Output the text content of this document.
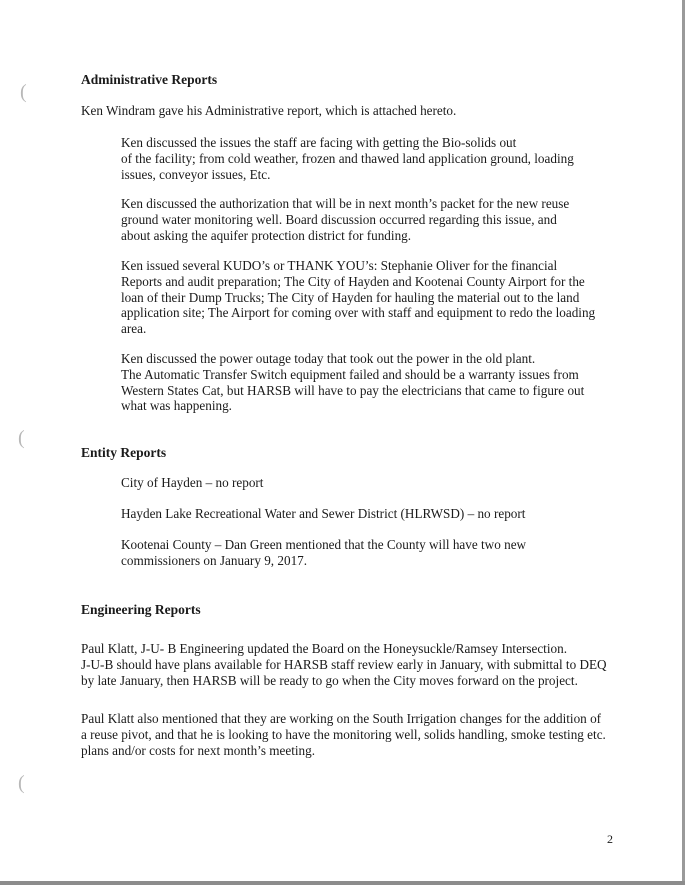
(
(
(
Administrative Reports
Ken Windram gave his Administrative report, which is attached hereto.
Ken discussed the issues the staff are facing with getting the Bio-solids out
of the facility; from cold weather, frozen and thawed land application ground, loading
issues, conveyor issues, Etc.
Ken discussed the authorization that will be in next month’s packet for the new reuse
ground water monitoring well. Board discussion occurred regarding this issue, and
about asking the aquifer protection district for funding.
Ken issued several KUDO’s or THANK YOU’s: Stephanie Oliver for the financial
Reports and audit preparation; The City of Hayden and Kootenai County Airport for the
loan of their Dump Trucks; The City of Hayden for hauling the material out to the land
application site; The Airport for coming over with staff and equipment to redo the loading
area.
Ken discussed the power outage today that took out the power in the old plant.
The Automatic Transfer Switch equipment failed and should be a warranty issues from
Western States Cat, but HARSB will have to pay the electricians that came to figure out
what was happening.
Entity Reports
City of Hayden – no report
Hayden Lake Recreational Water and Sewer District (HLRWSD) – no report
Kootenai County – Dan Green mentioned that the County will have two new
commissioners on January 9, 2017.
Engineering Reports
Paul Klatt, J-U- B Engineering updated the Board on the Honeysuckle/Ramsey Intersection.
J-U-B should have plans available for HARSB staff review early in January, with submittal to DEQ
by late January, then HARSB will be ready to go when the City moves forward on the project.
Paul Klatt also mentioned that they are working on the South Irrigation changes for the addition of
a reuse pivot, and that he is looking to have the monitoring well, solids handling, smoke testing etc.
plans and/or costs for next month’s meeting.
2
